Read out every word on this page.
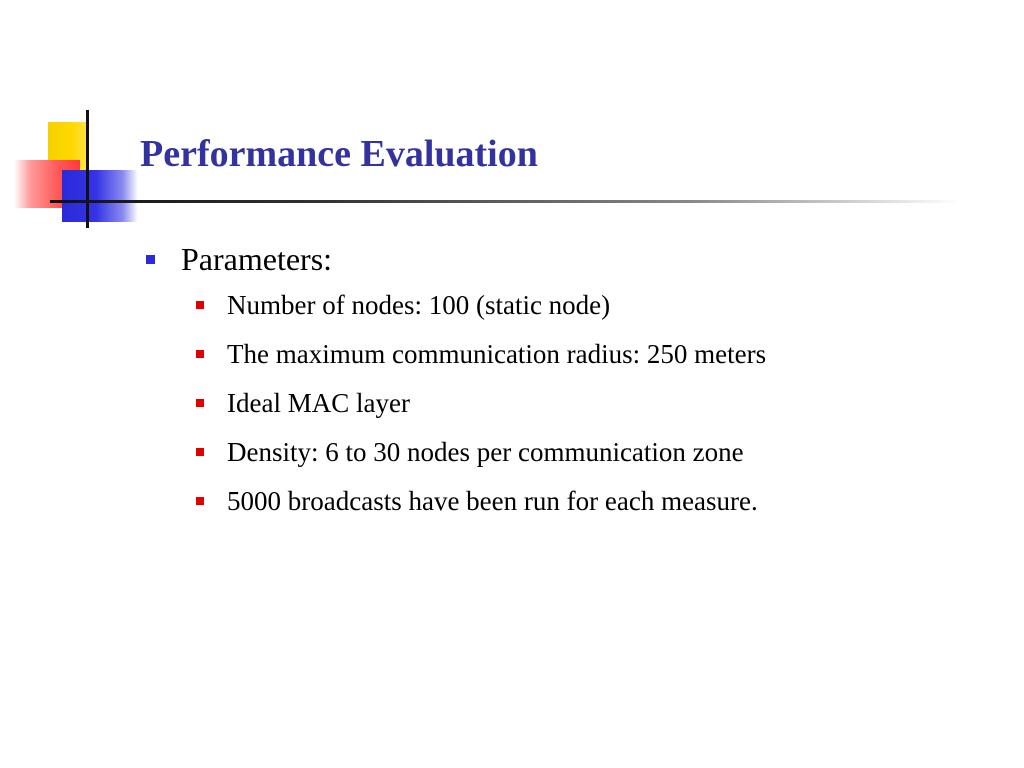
Performance Evaluation
Parameters:
Number of nodes: 100 (static node)
The maximum communication radius: 250 meters
Ideal MAC layer
Density: 6 to 30 nodes per communication zone
5000 broadcasts have been run for each measure.
